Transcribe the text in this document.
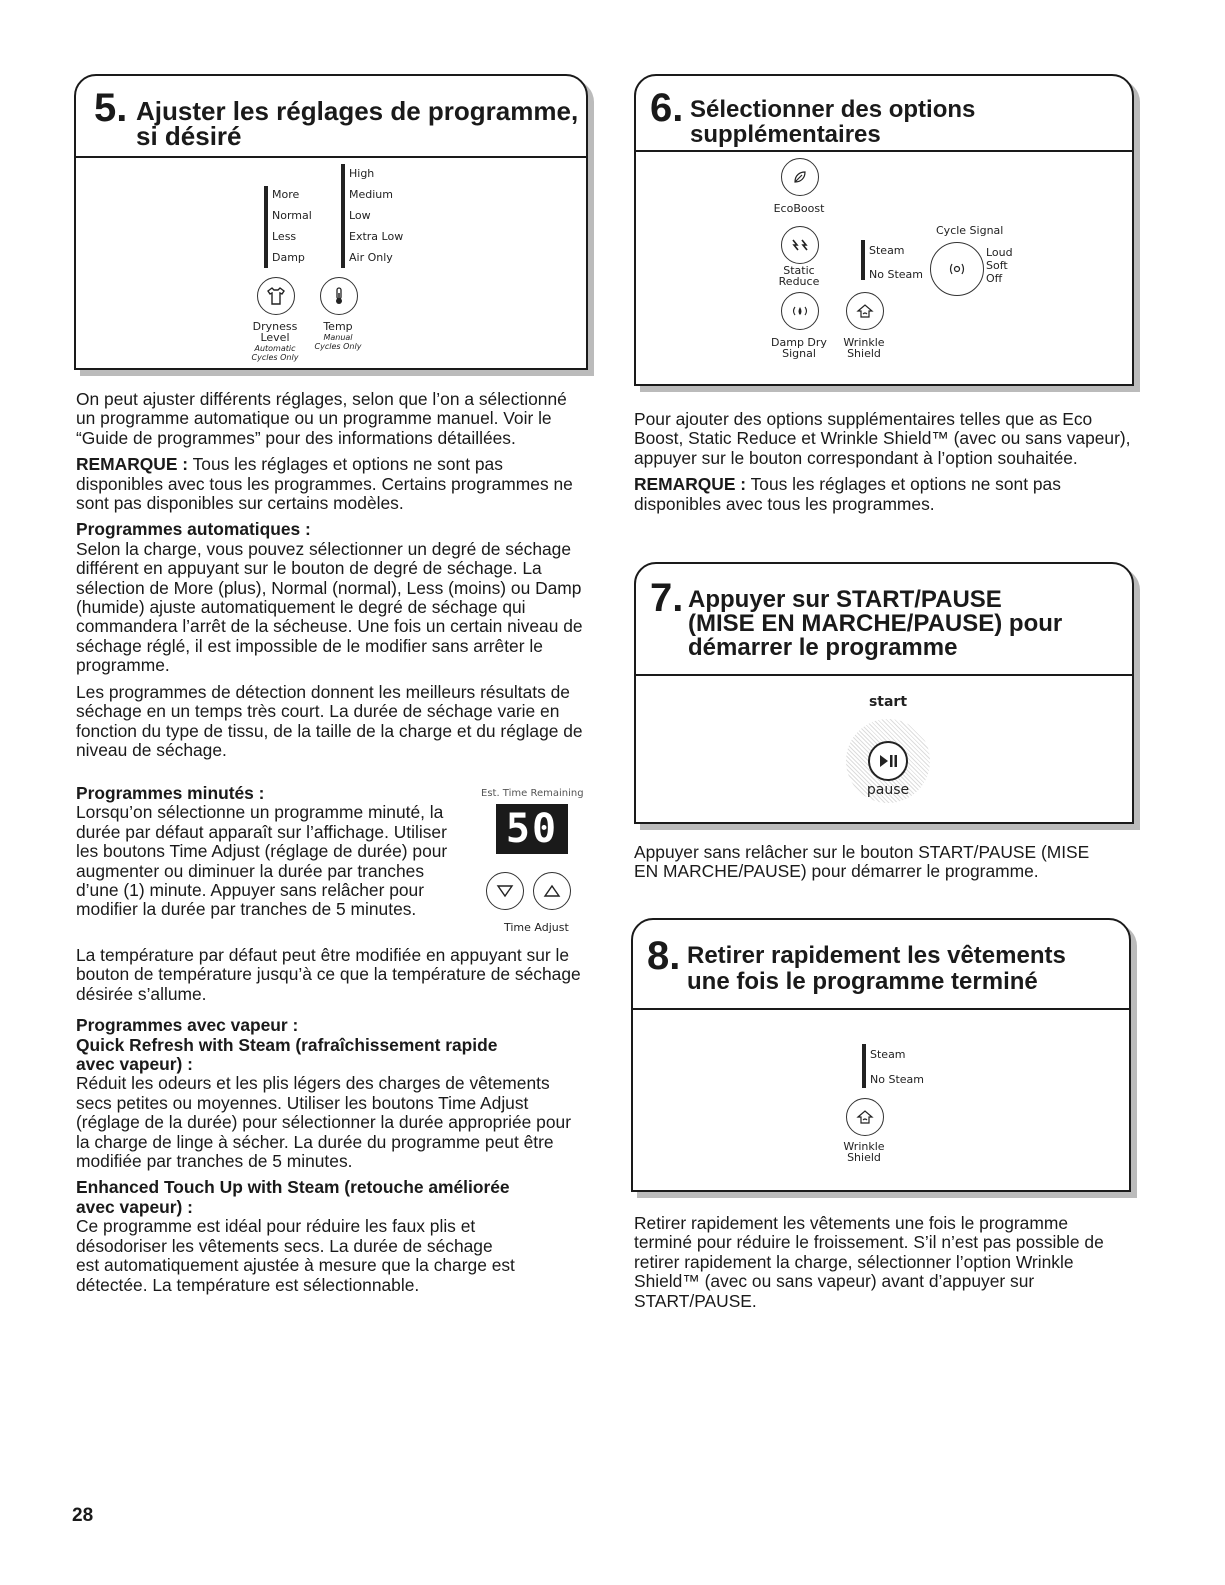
5. Ajuster les réglages de programme,
si désiré
More
Normal
Less
Damp
High
Medium
Low
Extra Low
Air Only
Dryness
Level
Automatic
Cycles Only
Temp
Manual
Cycles Only

On peut ajuster différents réglages, selon que l’on a sélectionné un programme automatique ou un programme manuel. Voir le “Guide de programmes” pour des informations détaillées.

REMARQUE : Tous les réglages et options ne sont pas disponibles avec tous les programmes. Certains programmes ne sont pas disponibles sur certains modèles.

Programmes automatiques :

Selon la charge, vous pouvez sélectionner un degré de séchage différent en appuyant sur le bouton de degré de séchage. La sélection de More (plus), Normal (normal), Less (moins) ou Damp (humide) ajuste automatiquement le degré de séchage qui commandera l’arrêt de la sécheuse. Une fois un certain niveau de séchage réglé, il est impossible de le modifier sans arrêter le programme.

Les programmes de détection donnent les meilleurs résultats de séchage en un temps très court. La durée de séchage varie en fonction du type de tissu, de la taille de la charge et du réglage de niveau de séchage.

Programmes minutés :

Lorsqu’on sélectionne un programme minuté, la durée par défaut apparaît sur l’affichage. Utiliser les boutons Time Adjust (réglage de durée) pour augmenter ou diminuer la durée par tranches d’une (1) minute. Appuyer sans relâcher pour modifier la durée par tranches de 5 minutes.

Est. Time Remaining
50
Time Adjust

La température par défaut peut être modifiée en appuyant sur le bouton de température jusqu’à ce que la température de séchage désirée s’allume.

Programmes avec vapeur :
Quick Refresh with Steam (rafraîchissement rapide avec vapeur) :

Réduit les odeurs et les plis légers des charges de vêtements secs petites ou moyennes. Utiliser les boutons Time Adjust (réglage de la durée) pour sélectionner la durée appropriée pour la charge de linge à sécher. La durée du programme peut être modifiée par tranches de 5 minutes.

Enhanced Touch Up with Steam (retouche améliorée avec vapeur) :

Ce programme est idéal pour réduire les faux plis et désodoriser les vêtements secs. La durée de séchage est automatiquement ajustée à mesure que la charge est détectée. La température est sélectionnable.

6. Sélectionner des options
supplémentaires
EcoBoost
Static
Reduce
Steam
No Steam
Cycle Signal
Loud
Soft
Off
Damp Dry
Signal
Wrinkle
Shield

Pour ajouter des options supplémentaires telles que as Eco Boost, Static Reduce et Wrinkle Shield™ (avec ou sans vapeur), appuyer sur le bouton correspondant à l’option souhaitée.

REMARQUE : Tous les réglages et options ne sont pas disponibles avec tous les programmes.

7. Appuyer sur START/PAUSE
(MISE EN MARCHE/PAUSE) pour
démarrer le programme
start
pause

Appuyer sans relâcher sur le bouton START/PAUSE (MISE EN MARCHE/PAUSE) pour démarrer le programme.

8. Retirer rapidement les vêtements
une fois le programme terminé
Steam
No Steam
Wrinkle
Shield

Retirer rapidement les vêtements une fois le programme terminé pour réduire le froissement. S’il n’est pas possible de retirer rapidement la charge, sélectionner l’option Wrinkle Shield™ (avec ou sans vapeur) avant d’appuyer sur START/PAUSE.

28
